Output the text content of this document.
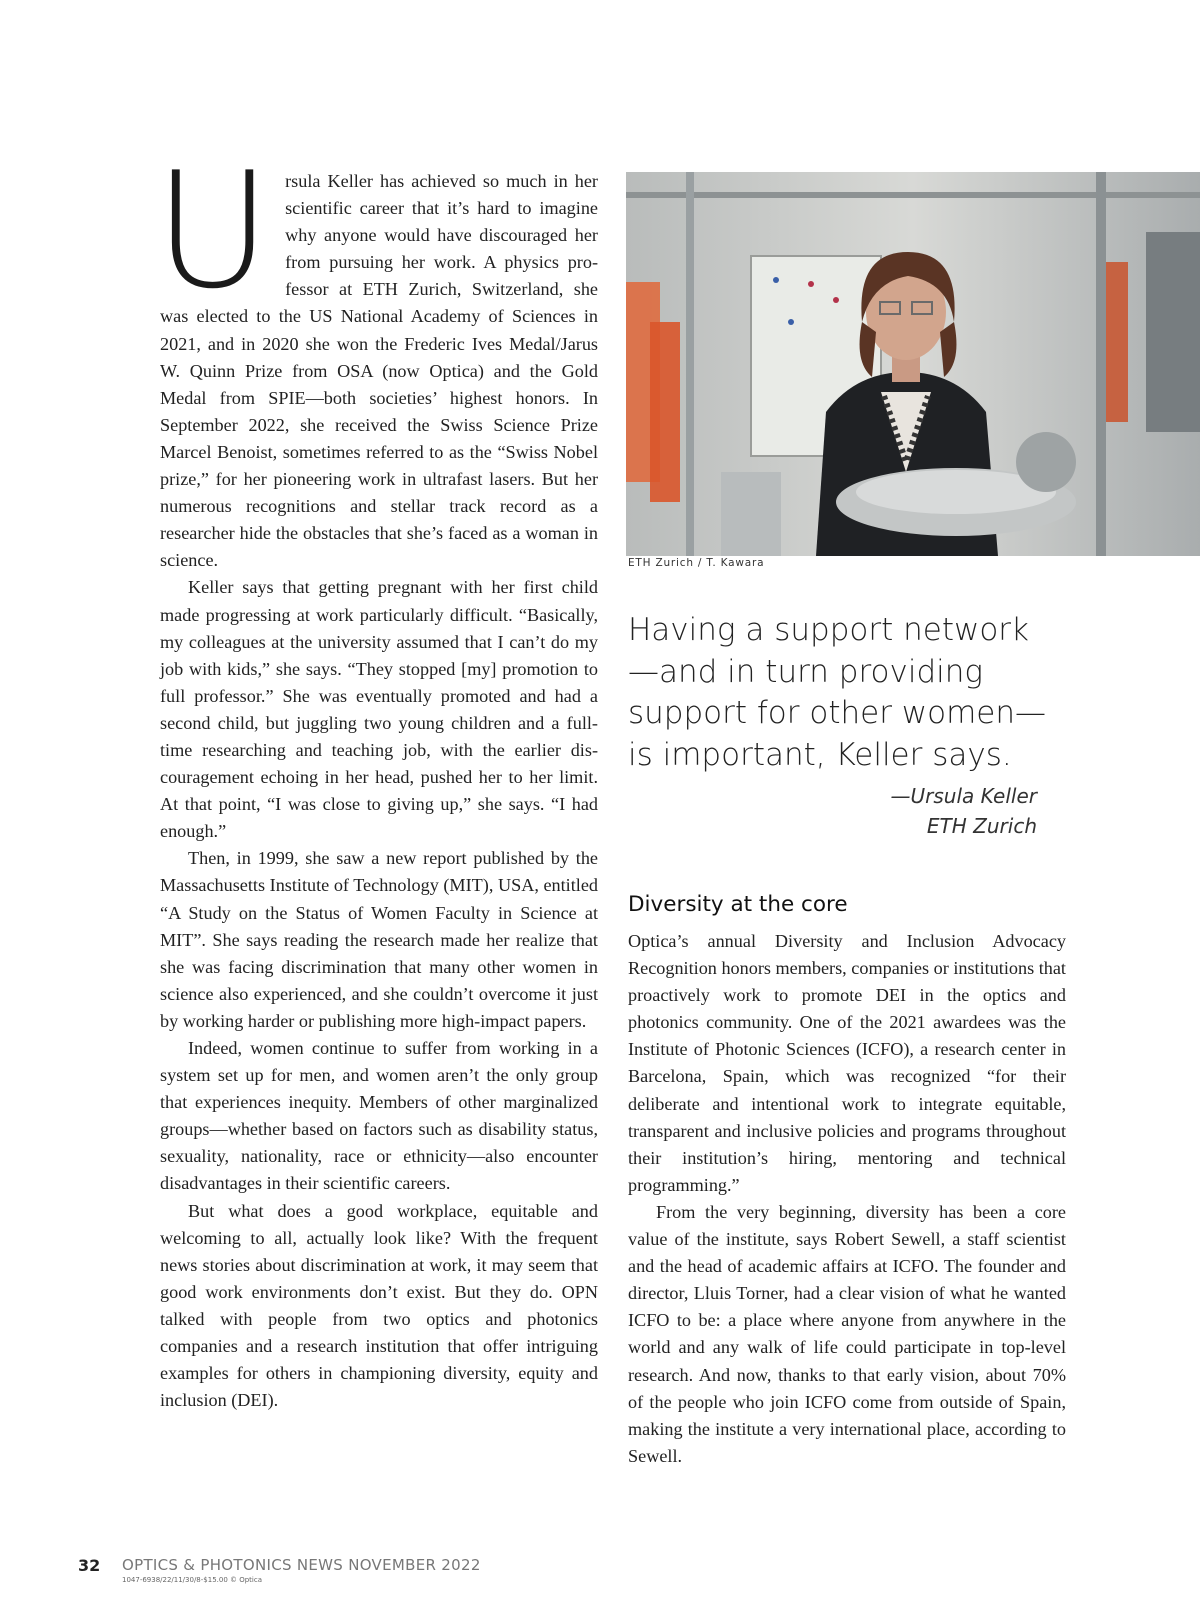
U rsula Keller has achieved so much in her scientific career that it’s hard to imagine why anyone would have discouraged her from pursuing her work. A physics professor at ETH Zurich, Switzerland, she was elected to the US National Academy of Sciences in 2021, and in 2020 she won the Frederic Ives Medal/​Jarus W. Quinn Prize from OSA (now Optica) and the Gold Medal from SPIE—both societies’ highest honors. In September 2022, she received the Swiss Science Prize Marcel Benoist, sometimes referred to as the “Swiss Nobel prize,” for her pioneering work in ultrafast lasers. But her numerous recognitions and stellar track record as a researcher hide the obstacles that she’s faced as a woman in science.

Keller says that getting pregnant with her first child made progressing at work particularly difficult. “Basically, my colleagues at the university assumed that I can’t do my job with kids,” she says. “They stopped [my] promotion to full professor.” She was eventually promoted and had a second child, but juggling two young children and a full-time researching and teaching job, with the earlier discouragement echoing in her head, pushed her to her limit. At that point, “I was close to giving up,” she says. “I had enough.”

Then, in 1999, she saw a new report published by the Massachusetts Institute of Technology (MIT), USA, entitled “A Study on the Status of Women Faculty in Science at MIT”. She says reading the research made her realize that she was facing discrimination that many other women in science also experienced, and she couldn’t overcome it just by working harder or publishing more high-impact papers.

Indeed, women continue to suffer from working in a system set up for men, and women aren’t the only group that experiences inequity. Members of other marginalized groups—whether based on factors such as disability status, sexuality, nationality, race or ethnicity—also encounter disadvantages in their scientific careers.

But what does a good workplace, equitable and welcoming to all, actually look like? With the frequent news stories about discrimination at work, it may seem that good work environments don’t exist. But they do. OPN talked with people from two optics and photonics companies and a research institution that offer intriguing examples for others in championing diversity, equity and inclusion (DEI).

ETH Zurich / T. Kawara
Having a support network
—and in turn providing
support for other women—
is important, Keller says.
—Ursula Keller
ETH Zurich
Diversity at the core

Optica’s annual Diversity and Inclusion Advocacy Recognition honors members, companies or institutions that proactively work to promote DEI in the optics and photonics community. One of the 2021 awardees was the Institute of Photonic Sciences (ICFO), a research center in Barcelona, Spain, which was recognized “for their deliberate and intentional work to integrate equitable, transparent and inclusive policies and programs throughout their institution’s hiring, mentoring and technical programming.”

From the very beginning, diversity has been a core value of the institute, says Robert Sewell, a staff scientist and the head of academic affairs at ICFO. The founder and director, Lluis Torner, had a clear vision of what he wanted ICFO to be: a place where anyone from anywhere in the world and any walk of life could participate in top-level research. And now, thanks to that early vision, about 70% of the people who join ICFO come from outside of Spain, making the institute a very international place, according to Sewell.

32 OPTICS & PHOTONICS NEWS NOVEMBER 2022
1047-6938/22/11/30/8-$15.00 © Optica
